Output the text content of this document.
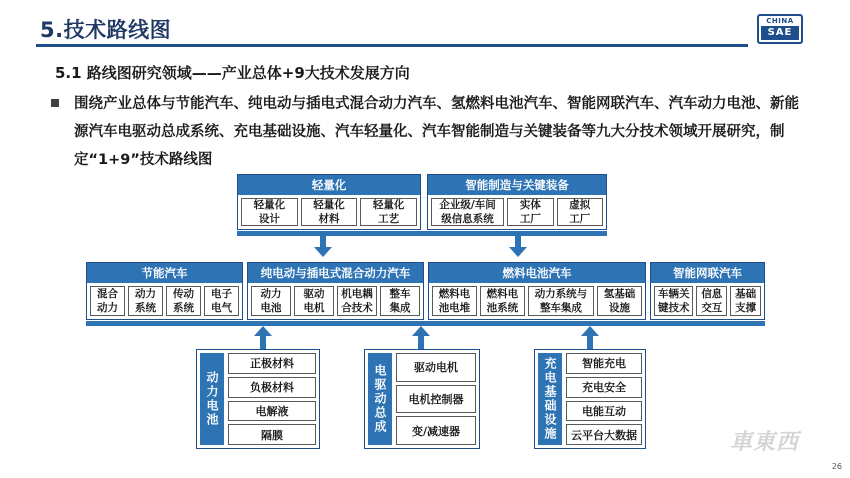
5.技术路线图	CHINA
SAE
5.1 路线图研究领域——产业总体+9大技术发展方向
围绕产业总体与节能汽车、纯电动与插电式混合动力汽车、氢燃料电池汽车、智能网联汽车、汽车动力电池、新能源汽车电驱动总成系统、充电基础设施、汽车轻量化、汽车智能制造与关键装备等九大分技术领域开展研究，制定“1+9”技术路线图
轻量化
轻量化
设计
轻量化
材料
轻量化
工艺
智能制造与关键装备
企业级/车间
级信息系统
实体
工厂
虚拟
工厂
节能汽车
混合
动力
动力
系统
传动
系统
电子
电气
纯电动与插电式混合动力汽车
动力
电池
驱动
电机
机电耦
合技术
整车
集成
燃料电池汽车
燃料电
池电堆
燃料电
池系统
动力系统与
整车集成
氢基础
设施
智能网联汽车
车辆关
键技术
信息
交互
基础
支撑
动力电池
正极材料
负极材料
电解液
隔膜
电驱动总成	驱动电机
电机控制器
变/减速器	充电基础设施	智能充电
充电安全
电能互动
云平台大数据	車東西
26
